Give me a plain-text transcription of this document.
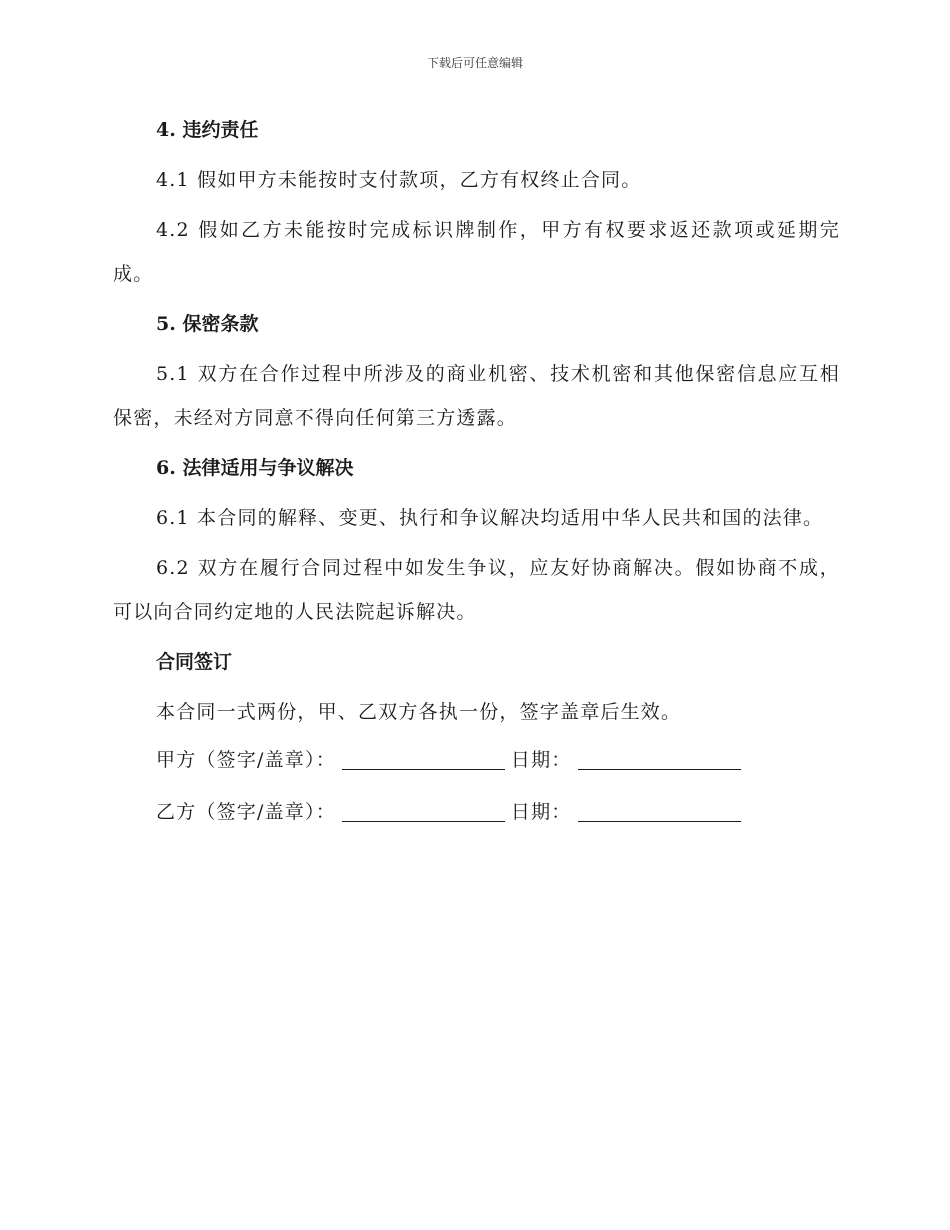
下载后可任意编辑

4. 违约责任

4.1 假如甲方未能按时支付款项，乙方有权终止合同。

4.2 假如乙方未能按时完成标识牌制作，甲方有权要求返还款项或延期完成。

5. 保密条款

5.1 双方在合作过程中所涉及的商业机密、技术机密和其他保密信息应互相保密，未经对方同意不得向任何第三方透露。

6. 法律适用与争议解决

6.1 本合同的解释、变更、执行和争议解决均适用中华人民共和国的法律。

6.2 双方在履行合同过程中如发生争议，应友好协商解决。假如协商不成，可以向合同约定地的人民法院起诉解决。

合同签订

本合同一式两份，甲、乙双方各执一份，签字盖章后生效。

甲方（签字/盖章）：	日期：
乙方（签字/盖章）：	日期：
